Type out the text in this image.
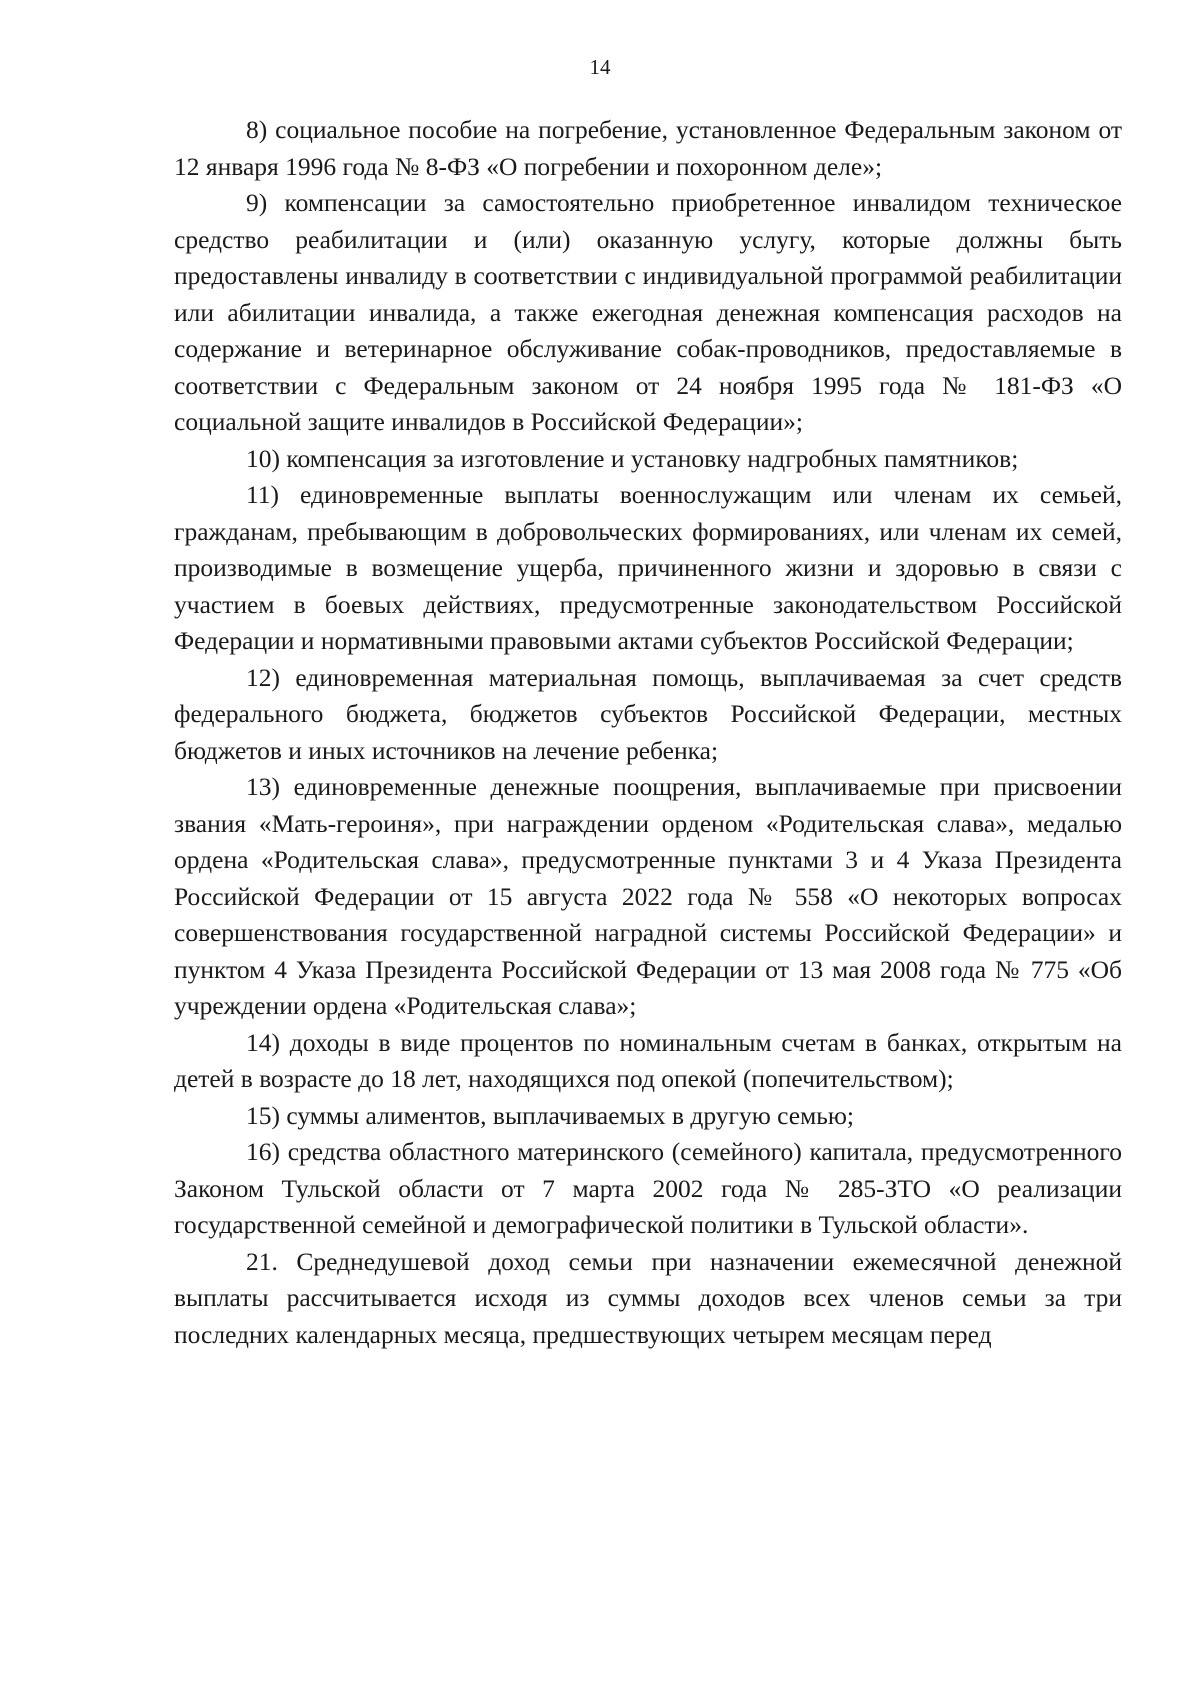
14

8) социальное пособие на погребение, установленное Федеральным законом от 12 января 1996 года № 8-ФЗ «О погребении и похоронном деле»;

9) компенсации за самостоятельно приобретенное инвалидом техническое средство реабилитации и (или) оказанную услугу, которые должны быть предоставлены инвалиду в соответствии с индивидуальной программой реабилитации или абилитации инвалида, а также ежегодная денежная компенсация расходов на содержание и ветеринарное обслуживание собак-проводников, предоставляемые в соответствии с Федеральным законом от 24 ноября 1995 года № 181-ФЗ «О социальной защите инвалидов в Российской Федерации»;

10) компенсация за изготовление и установку надгробных памятников;

11) единовременные выплаты военнослужащим или членам их семьей, гражданам, пребывающим в добровольческих формированиях, или членам их семей, производимые в возмещение ущерба, причиненного жизни и здоровью в связи с участием в боевых действиях, предусмотренные законодательством Российской Федерации и нормативными правовыми актами субъектов Российской Федерации;

12) единовременная материальная помощь, выплачиваемая за счет средств федерального бюджета, бюджетов субъектов Российской Федерации, местных бюджетов и иных источников на лечение ребенка;

13) единовременные денежные поощрения, выплачиваемые при присвоении звания «Мать-героиня», при награждении орденом «Родительская слава», медалью ордена «Родительская слава», предусмотренные пунктами 3 и 4 Указа Президента Российской Федерации от 15 августа 2022 года № 558 «О некоторых вопросах совершенствования государственной наградной системы Российской Федерации» и пунктом 4 Указа Президента Российской Федерации от 13 мая 2008 года № 775 «Об учреждении ордена «Родительская слава»;

14) доходы в виде процентов по номинальным счетам в банках, открытым на детей в возрасте до 18 лет, находящихся под опекой (попечительством);

15) суммы алиментов, выплачиваемых в другую семью;

16) средства областного материнского (семейного) капитала, предусмотренного Законом Тульской области от 7 марта 2002 года № 285-ЗТО «О реализации государственной семейной и демографической политики в Тульской области».

21. Среднедушевой доход семьи при назначении ежемесячной денежной выплаты рассчитывается исходя из суммы доходов всех членов семьи за три последних календарных месяца, предшествующих четырем месяцам перед
